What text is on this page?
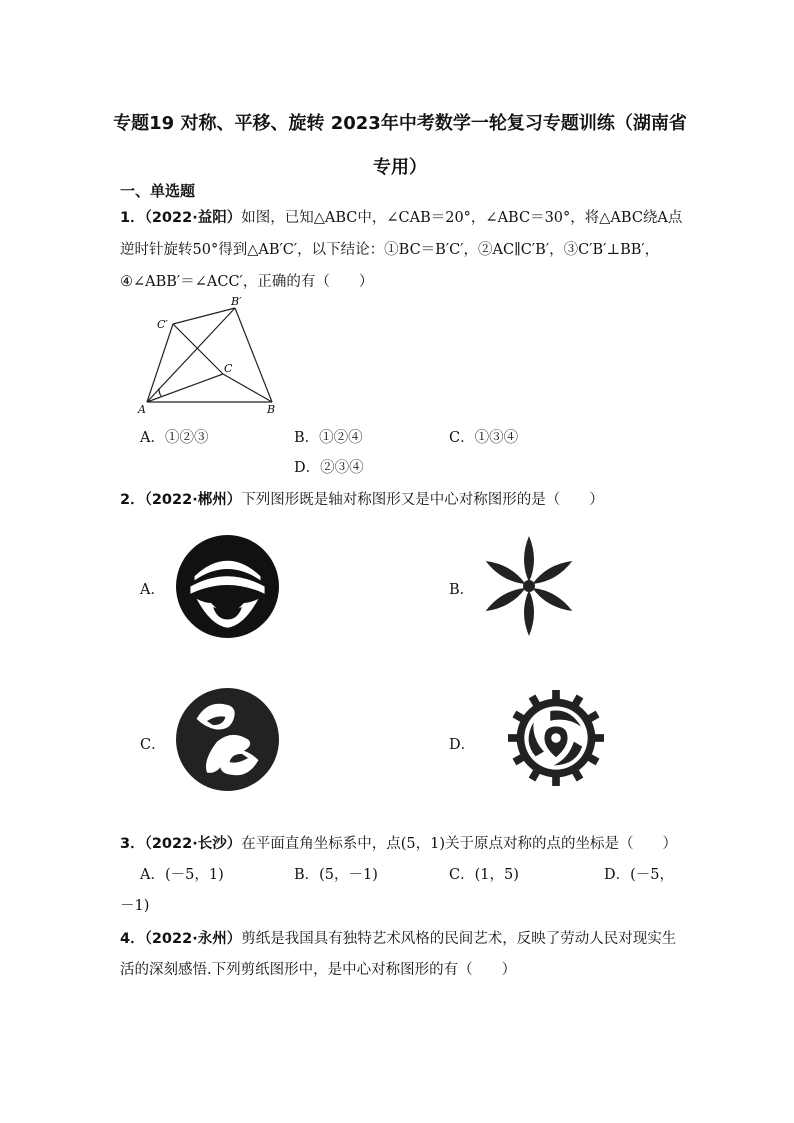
专题19 对称、平移、旋转 2023年中考数学一轮复习专题训练（湖南省专用）
一、单选题
1．（2022·益阳）如图，已知△ABC中，∠CAB＝20°，∠ABC＝30°，将△ABC绕A点
逆时针旋转50°得到△AB′C′，以下结论：①BC＝B′C′，②AC∥C′B′，③C′B′⊥BB′，
④∠ABB′＝∠ACC′，正确的有（　　）
A	B
C
B′
C′
A．①②③	B．①②④	C．①③④
D．②③④
2．（2022·郴州）下列图形既是轴对称图形又是中心对称图形的是（　　）
A．	B．
C．	D．
3．（2022·长沙）在平面直角坐标系中，点(5，1)关于原点对称的点的坐标是（　　）
A．(－5，1)	B．(5，－1)	C．(1，5)	D．(－5，
－1)
4．（2022·永州）剪纸是我国具有独特艺术风格的民间艺术，反映了劳动人民对现实生
活的深刻感悟.下列剪纸图形中，是中心对称图形的有（　　）
